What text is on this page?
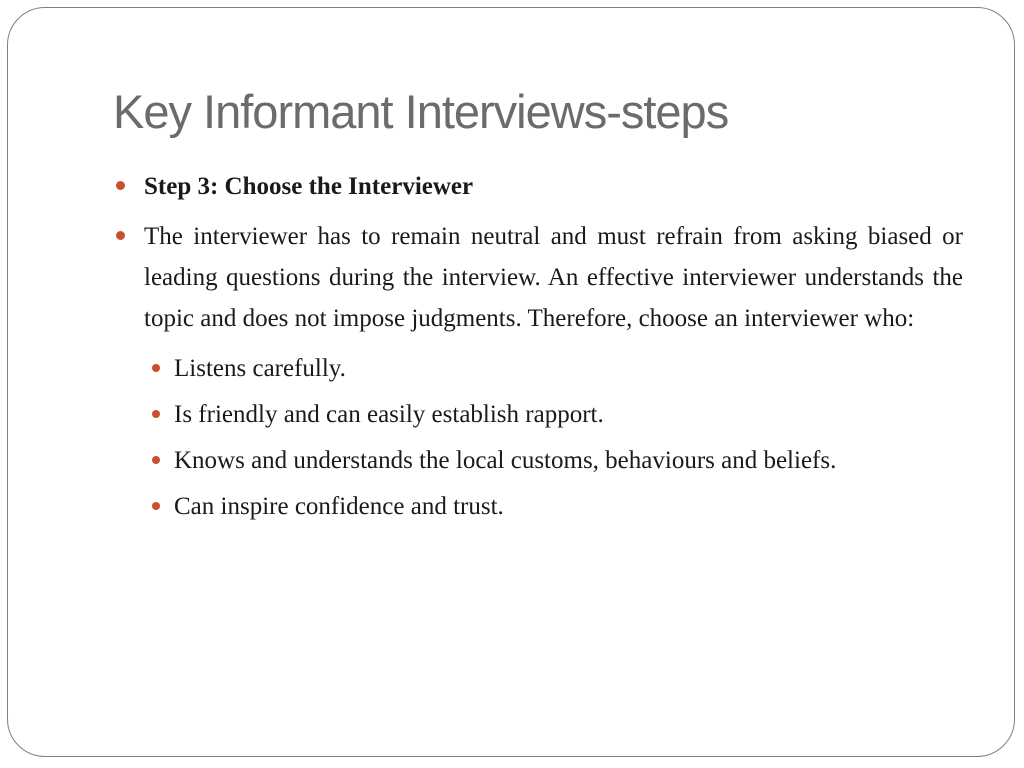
Key Informant Interviews-steps
Step 3: Choose the Interviewer
The interviewer has to remain neutral and must refrain from asking biased or leading questions during the interview. An effective interviewer understands the topic and does not impose judgments. Therefore, choose an interviewer who:
Listens carefully.
Is friendly and can easily establish rapport.
Knows and understands the local customs, behaviours and beliefs.
Can inspire confidence and trust.
